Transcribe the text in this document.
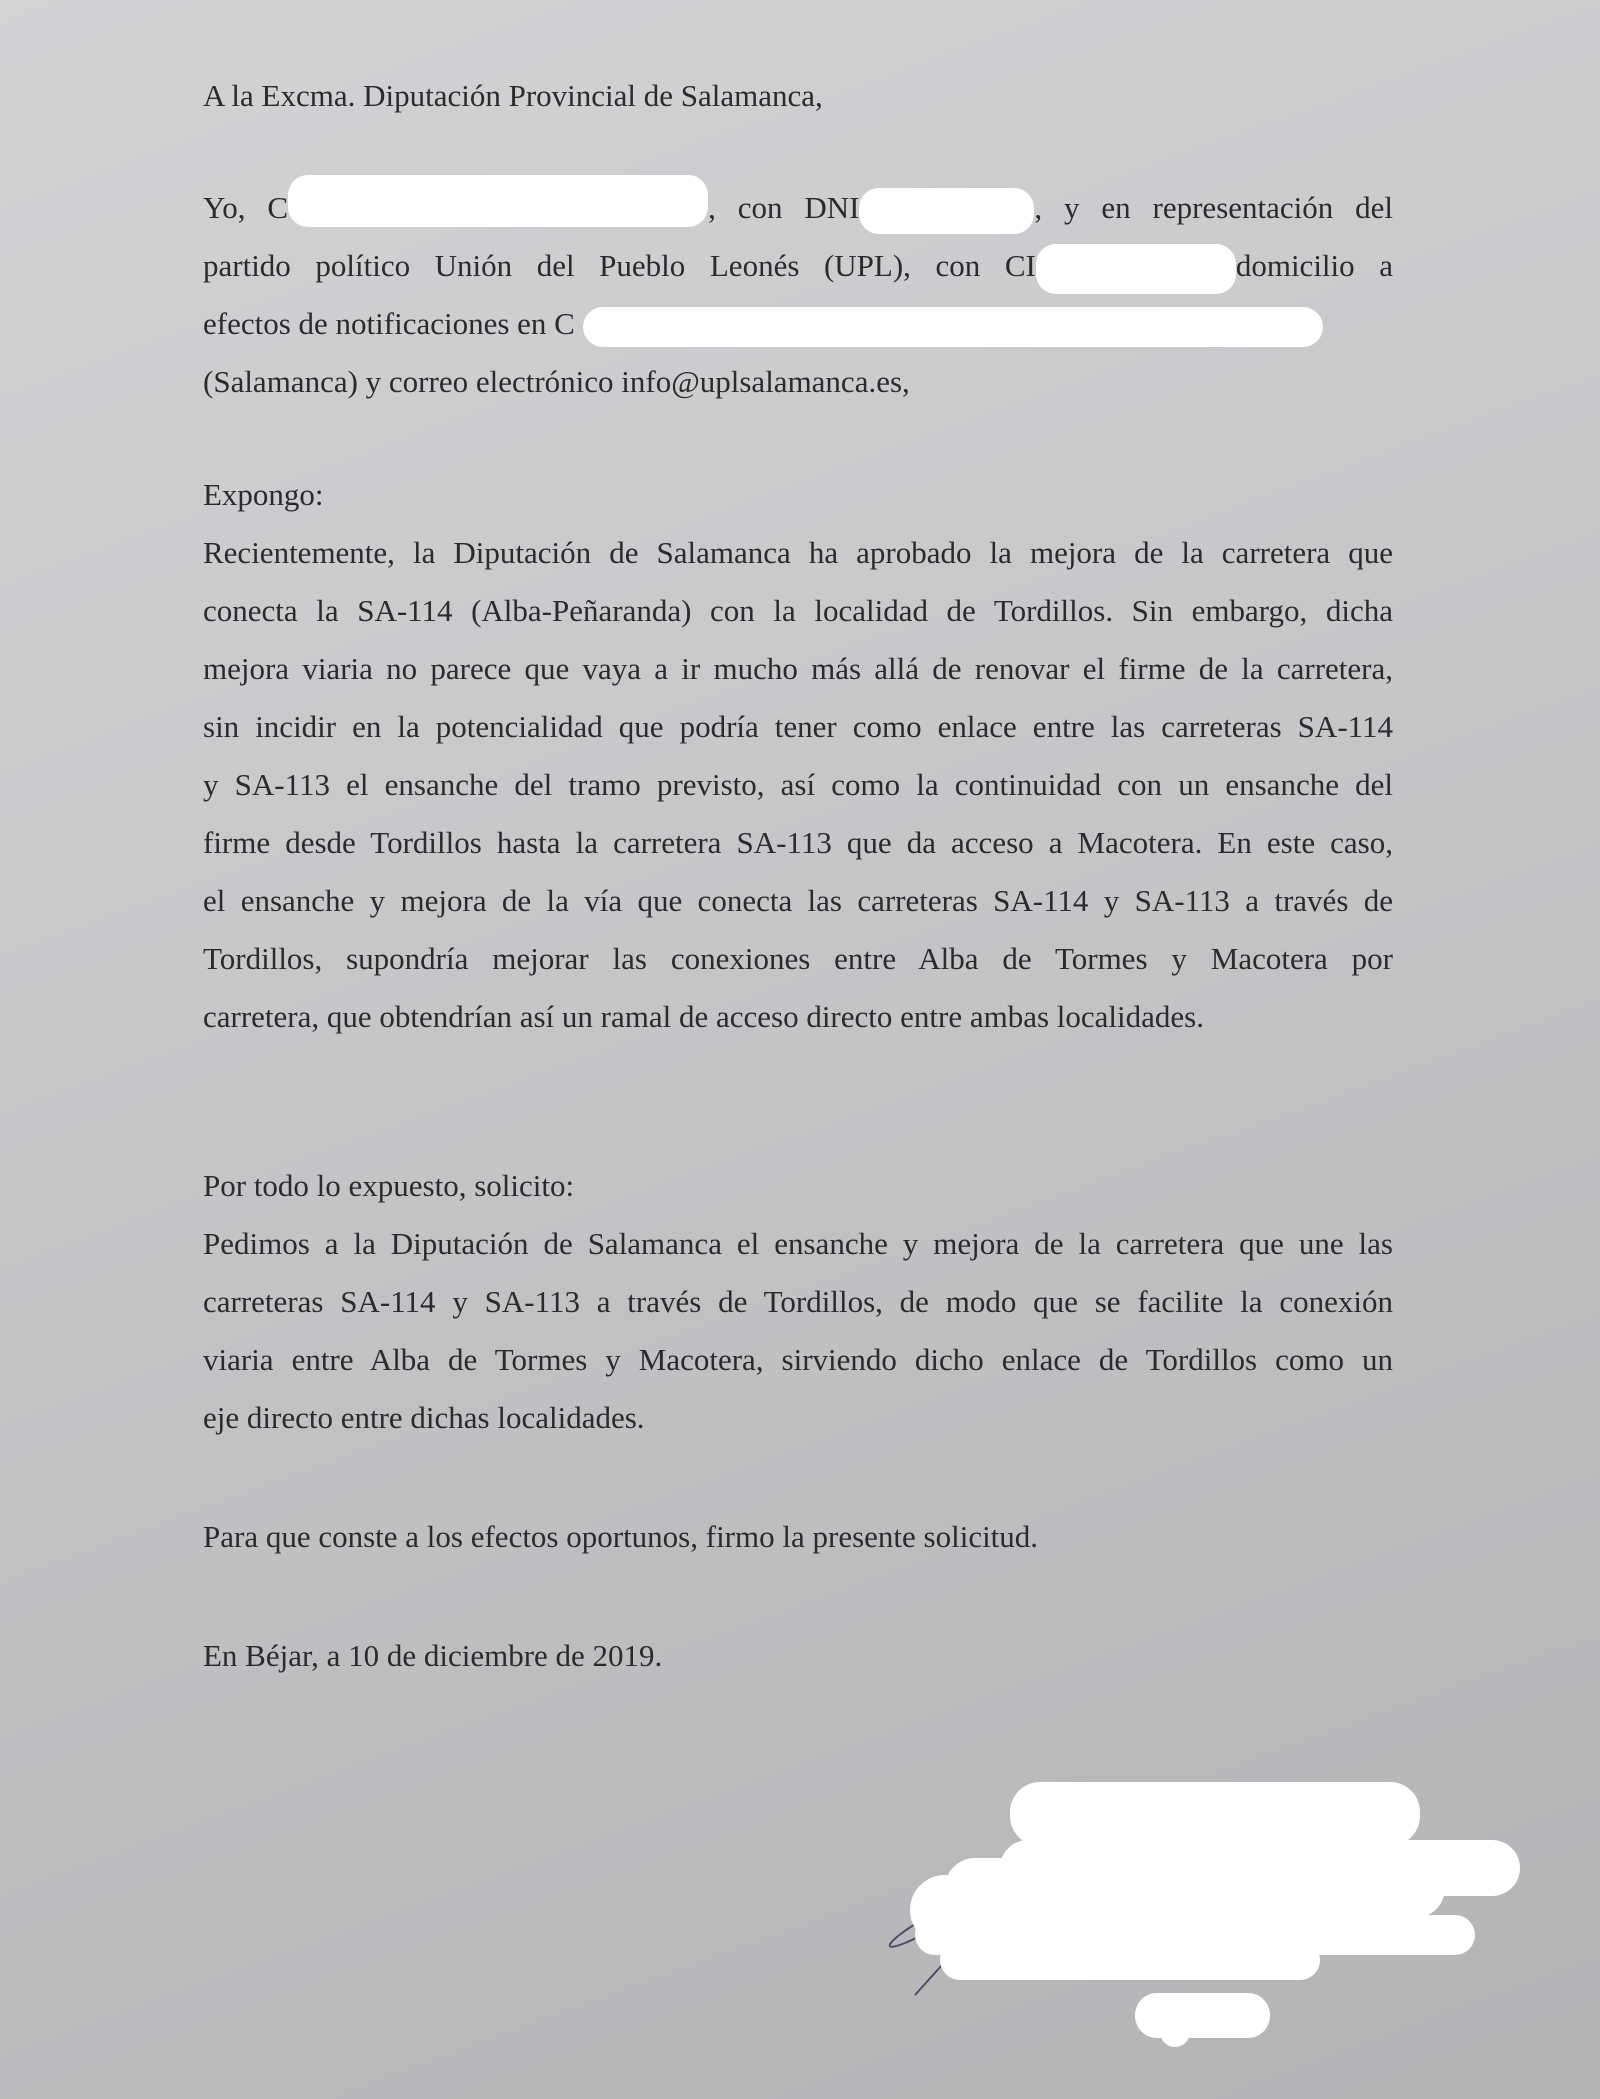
A la Excma. Diputación Provincial de Salamanca,
Yo, C	, con DNI	, y en representación del
partido político Unión del Pueblo Leonés (UPL), con CI	domicilio a
efectos de notificaciones en C
(Salamanca) y correo electrónico info@uplsalamanca.es,
Expongo:
Recientemente, la Diputación de Salamanca ha aprobado la mejora de la carretera que
conecta la SA-114 (Alba-Peñaranda) con la localidad de Tordillos. Sin embargo, dicha
mejora viaria no parece que vaya a ir mucho más allá de renovar el firme de la carretera,
sin incidir en la potencialidad que podría tener como enlace entre las carreteras SA-114
y SA-113 el ensanche del tramo previsto, así como la continuidad con un ensanche del
firme desde Tordillos hasta la carretera SA-113 que da acceso a Macotera. En este caso,
el ensanche y mejora de la vía que conecta las carreteras SA-114 y SA-113 a través de
Tordillos, supondría mejorar las conexiones entre Alba de Tormes y Macotera por
carretera, que obtendrían así un ramal de acceso directo entre ambas localidades.
Por todo lo expuesto, solicito:
Pedimos a la Diputación de Salamanca el ensanche y mejora de la carretera que une las
carreteras SA-114 y SA-113 a través de Tordillos, de modo que se facilite la conexión
viaria entre Alba de Tormes y Macotera, sirviendo dicho enlace de Tordillos como un
eje directo entre dichas localidades.
Para que conste a los efectos oportunos, firmo la presente solicitud.
En Béjar, a 10 de diciembre de 2019.
